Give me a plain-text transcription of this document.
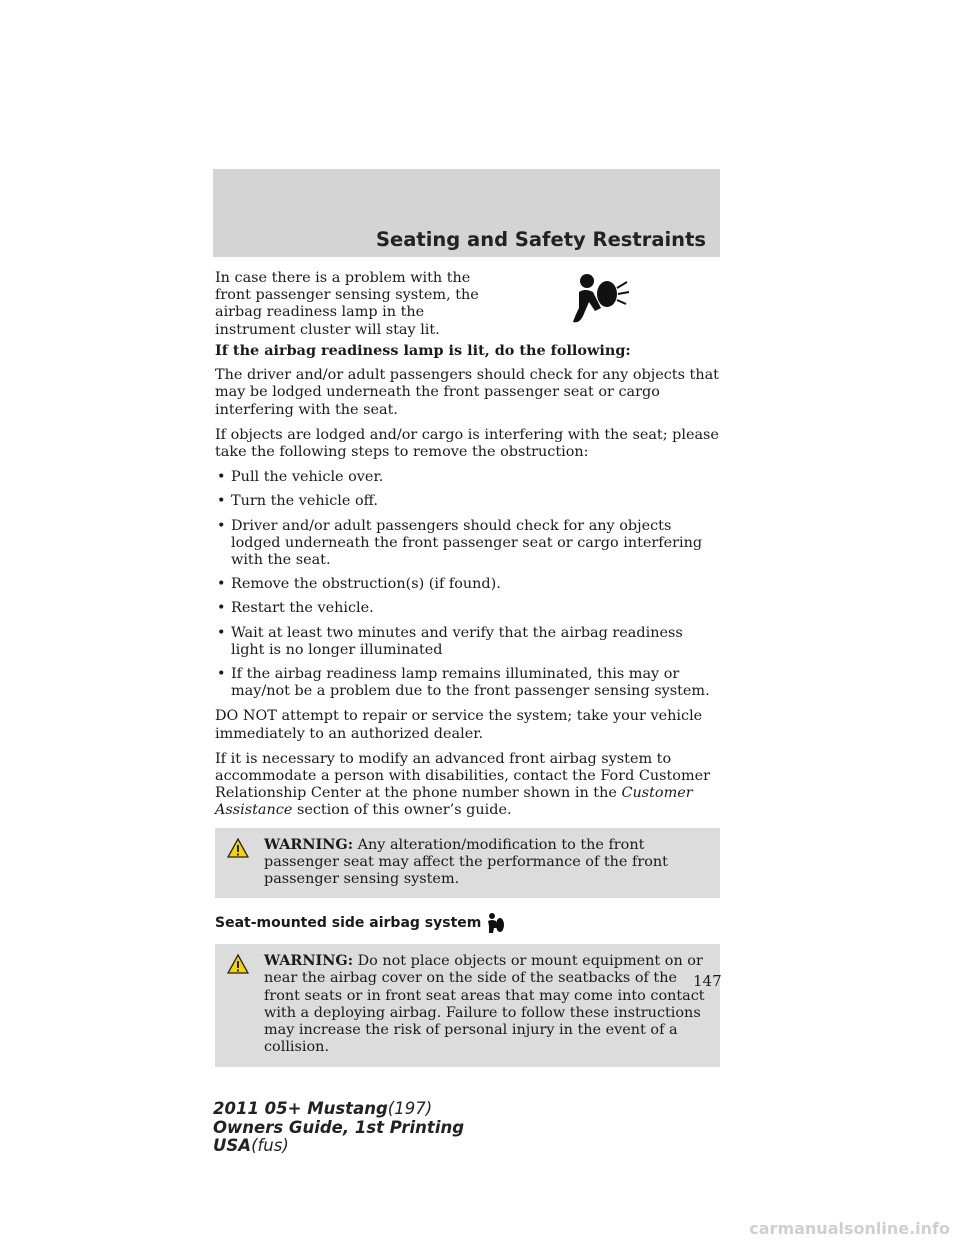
Seating and Safety Restraints

In case there is a problem with the front passenger sensing system, the airbag readiness lamp in the instrument cluster will stay lit.

If the airbag readiness lamp is lit, do the following:

The driver and/or adult passengers should check for any objects that may be lodged underneath the front passenger seat or cargo interfering with the seat.

If objects are lodged and/or cargo is interfering with the seat; please take the following steps to remove the obstruction:

• Pull the vehicle over.
• Turn the vehicle off.
• Driver and/or adult passengers should check for any objects lodged underneath the front passenger seat or cargo interfering with the seat.
• Remove the obstruction(s) (if found).
• Restart the vehicle.
• Wait at least two minutes and verify that the airbag readiness light is no longer illuminated
• If the airbag readiness lamp remains illuminated, this may or may/not be a problem due to the front passenger sensing system.

DO NOT attempt to repair or service the system; take your vehicle immediately to an authorized dealer.

If it is necessary to modify an advanced front airbag system to accommodate a person with disabilities, contact the Ford Customer Relationship Center at the phone number shown in the Customer Assistance section of this owner’s guide.

WARNING: Any alteration/modification to the front passenger seat may affect the performance of the front passenger sensing system.
Seat-mounted side airbag system
WARNING: Do not place objects or mount equipment on or near the airbag cover on the side of the seatbacks of the front seats or in front seat areas that may come into contact with a deploying airbag. Failure to follow these instructions may increase the risk of personal injury in the event of a collision.
147
2011 05+ Mustang(197)
Owners Guide, 1st Printing
USA(fus)
carmanualsonline.info
